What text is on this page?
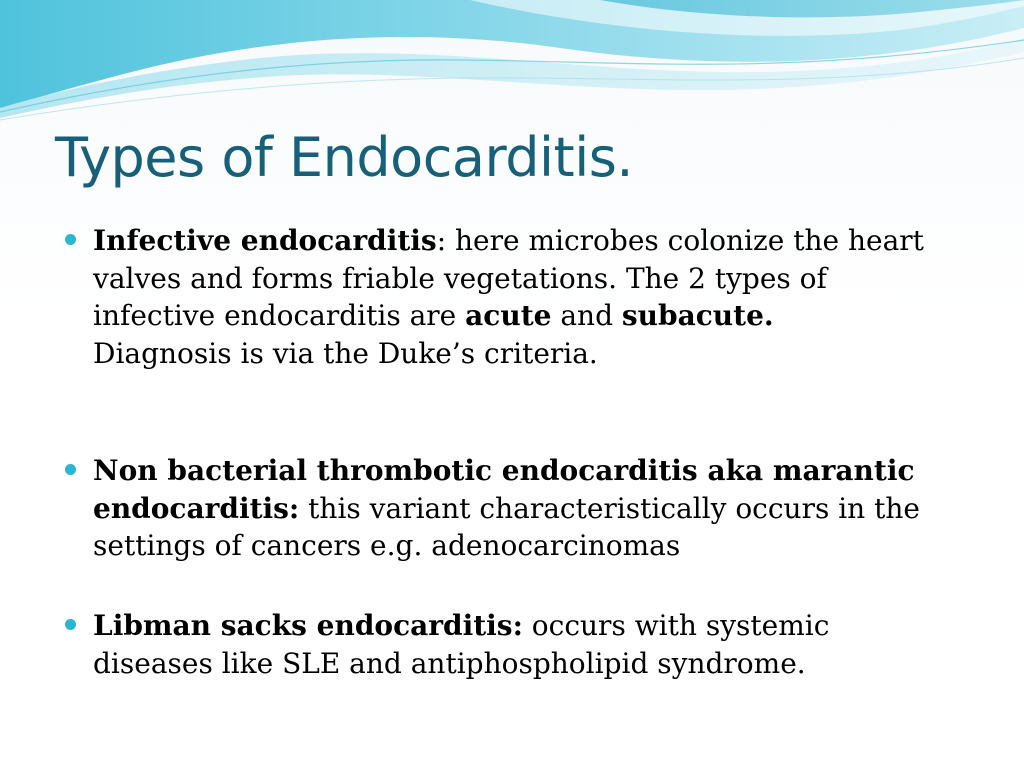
Types of Endocarditis.
Infective endocarditis: here microbes colonize the heart valves and forms friable vegetations. The 2 types of infective endocarditis are acute and subacute.
Diagnosis is via the Duke’s criteria.
Non bacterial thrombotic endocarditis aka marantic endocarditis: this variant characteristically occurs in the settings of cancers e.g. adenocarcinomas
Libman sacks endocarditis: occurs with systemic diseases like SLE and antiphospholipid syndrome.
